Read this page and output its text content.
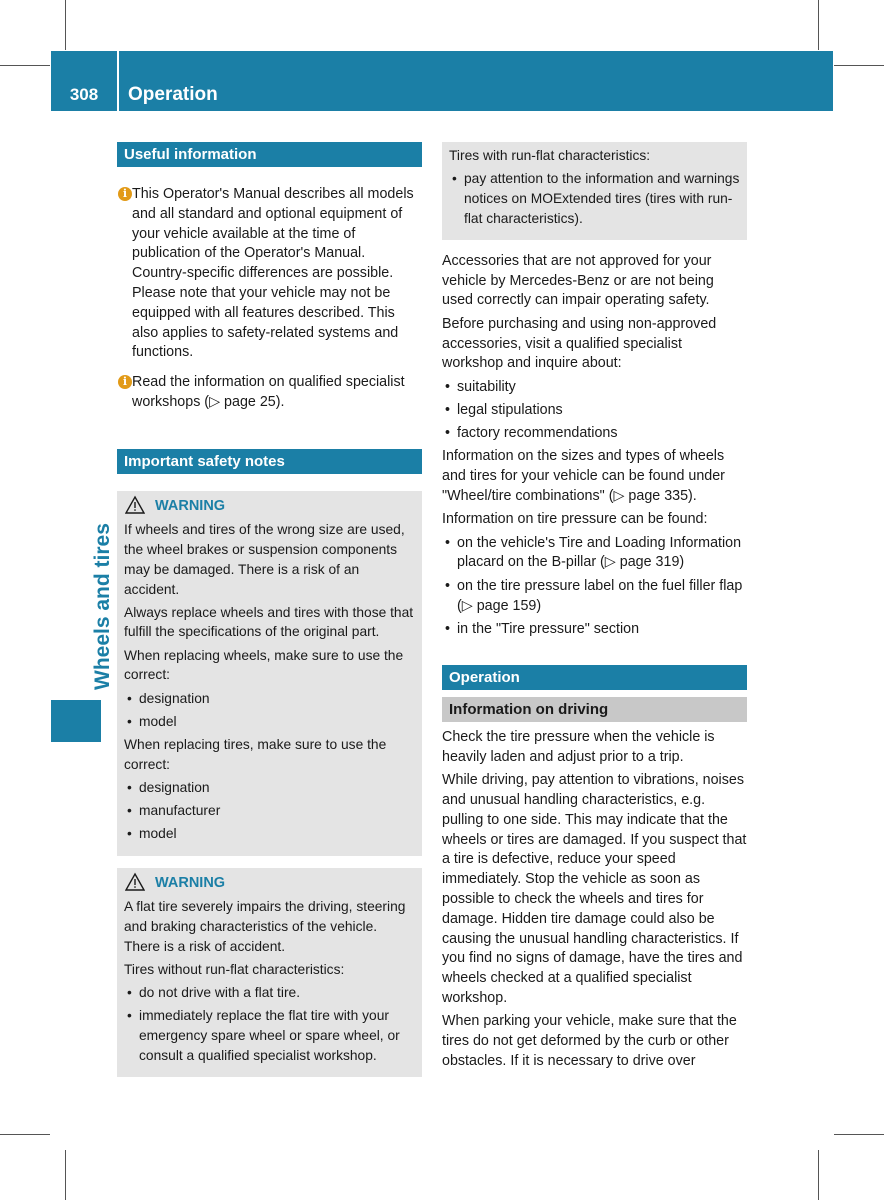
308	Operation
Wheels and tires
Useful information
i This Operator's Manual describes all models and all standard and optional equipment of your vehicle available at the time of publication of the Operator's Manual. Country-specific differences are possible. Please note that your vehicle may not be equipped with all features described. This also applies to safety-related systems and functions.
i Read the information on qualified specialist workshops (▷ page 25).
Important safety notes
WARNING

If wheels and tires of the wrong size are used, the wheel brakes or suspension components may be damaged. There is a risk of an accident.

Always replace wheels and tires with those that fulfill the specifications of the original part.

When replacing wheels, make sure to use the correct:

• designation
• model

When replacing tires, make sure to use the correct:

• designation
• manufacturer
• model
WARNING

A flat tire severely impairs the driving, steering and braking characteristics of the vehicle. There is a risk of accident.

Tires without run-flat characteristics:

• do not drive with a flat tire.
• immediately replace the flat tire with your emergency spare wheel or spare wheel, or consult a qualified specialist workshop.

Tires with run-flat characteristics:

• pay attention to the information and warnings notices on MOExtended tires (tires with run-flat characteristics).

Accessories that are not approved for your vehicle by Mercedes-Benz or are not being used correctly can impair operating safety.

Before purchasing and using non-approved accessories, visit a qualified specialist workshop and inquire about:

• suitability
• legal stipulations
• factory recommendations

Information on the sizes and types of wheels and tires for your vehicle can be found under "Wheel/tire combinations" (▷ page 335).

Information on tire pressure can be found:

• on the vehicle's Tire and Loading Information placard on the B-pillar (▷ page 319)
• on the tire pressure label on the fuel filler flap (▷ page 159)
• in the "Tire pressure" section
Operation
Information on driving

Check the tire pressure when the vehicle is heavily laden and adjust prior to a trip.

While driving, pay attention to vibrations, noises and unusual handling characteristics, e.g. pulling to one side. This may indicate that the wheels or tires are damaged. If you suspect that a tire is defective, reduce your speed immediately. Stop the vehicle as soon as possible to check the wheels and tires for damage. Hidden tire damage could also be causing the unusual handling characteristics. If you find no signs of damage, have the tires and wheels checked at a qualified specialist workshop.

When parking your vehicle, make sure that the tires do not get deformed by the curb or other obstacles. If it is necessary to drive over
